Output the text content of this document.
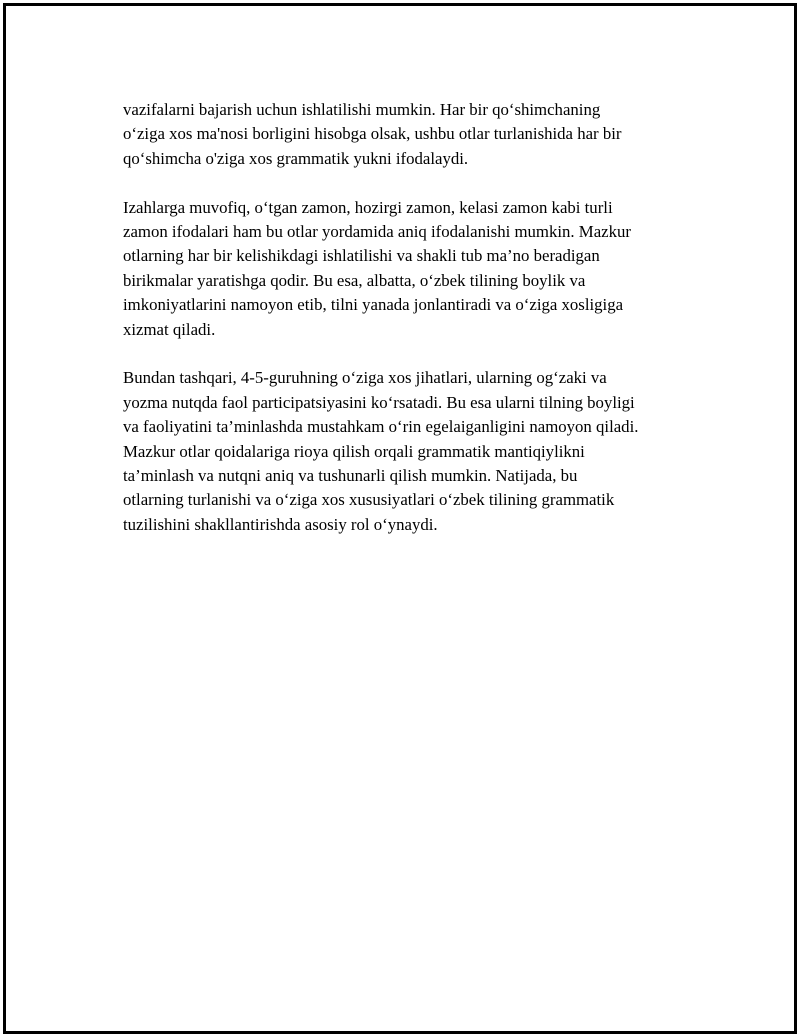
vazifalarni bajarish uchun ishlatilishi mumkin. Har bir qo‘shimchaning
o‘ziga xos ma'nosi borligini hisobga olsak, ushbu otlar turlanishida har bir
qo‘shimcha o'ziga xos grammatik yukni ifodalaydi.

Izahlarga muvofiq, o‘tgan zamon, hozirgi zamon, kelasi zamon kabi turli
zamon ifodalari ham bu otlar yordamida aniq ifodalanishi mumkin. Mazkur
otlarning har bir kelishikdagi ishlatilishi va shakli tub ma’no beradigan
birikmalar yaratishga qodir. Bu esa, albatta, o‘zbek tilining boylik va
imkoniyatlarini namoyon etib, tilni yanada jonlantiradi va o‘ziga xosligiga
xizmat qiladi.

Bundan tashqari, 4-5-guruhning o‘ziga xos jihatlari, ularning og‘zaki va
yozma nutqda faol participatsiyasini ko‘rsatadi. Bu esa ularni tilning boyligi
va faoliyatini ta’minlashda mustahkam o‘rin egelaiganligini namoyon qiladi.
Mazkur otlar qoidalariga rioya qilish orqali grammatik mantiqiylikni
ta’minlash va nutqni aniq va tushunarli qilish mumkin. Natijada, bu
otlarning turlanishi va o‘ziga xos xususiyatlari o‘zbek tilining grammatik
tuzilishini shakllantirishda asosiy rol o‘ynaydi.
